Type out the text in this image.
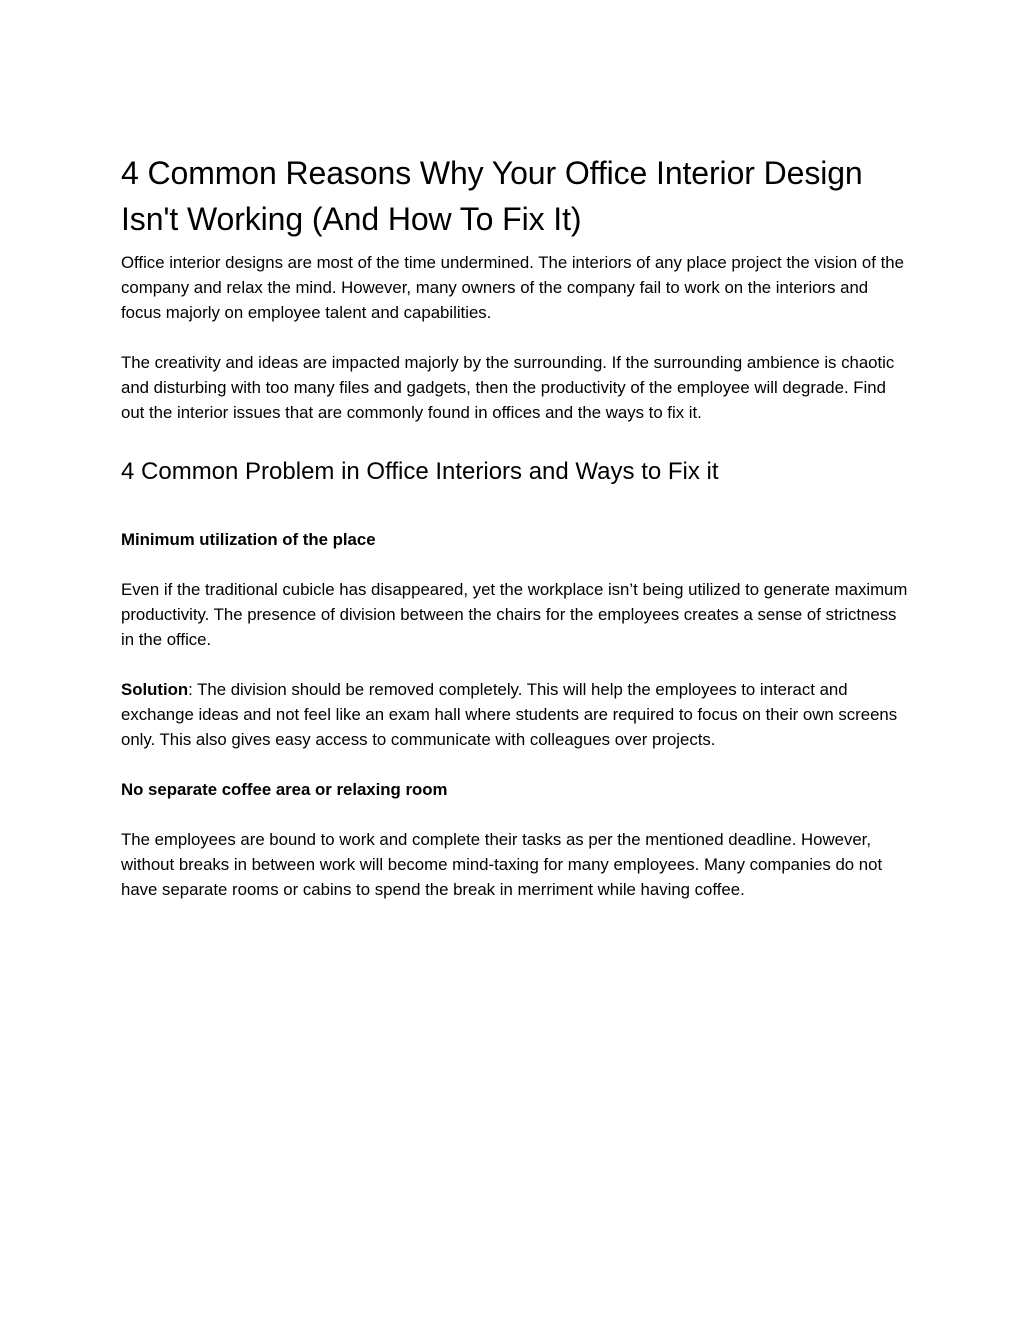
4 Common Reasons Why Your Office Interior Design Isn't Working (And How To Fix It)

Office interior designs are most of the time undermined. The interiors of any place project the vision of the company and relax the mind. However, many owners of the company fail to work on the interiors and focus majorly on employee talent and capabilities.

The creativity and ideas are impacted majorly by the surrounding. If the surrounding ambience is chaotic and disturbing with too many files and gadgets, then the productivity of the employee will degrade. Find out the interior issues that are commonly found in offices and the ways to fix it.

4 Common Problem in Office Interiors and Ways to Fix it

Minimum utilization of the place

Even if the traditional cubicle has disappeared, yet the workplace isn’t being utilized to generate maximum productivity. The presence of division between the chairs for the employees creates a sense of strictness in the office.

Solution: The division should be removed completely. This will help the employees to interact and exchange ideas and not feel like an exam hall where students are required to focus on their own screens only. This also gives easy access to communicate with colleagues over projects.

No separate coffee area or relaxing room

The employees are bound to work and complete their tasks as per the mentioned deadline. However, without breaks in between work will become mind-taxing for many employees. Many companies do not have separate rooms or cabins to spend the break in merriment while having coffee.
